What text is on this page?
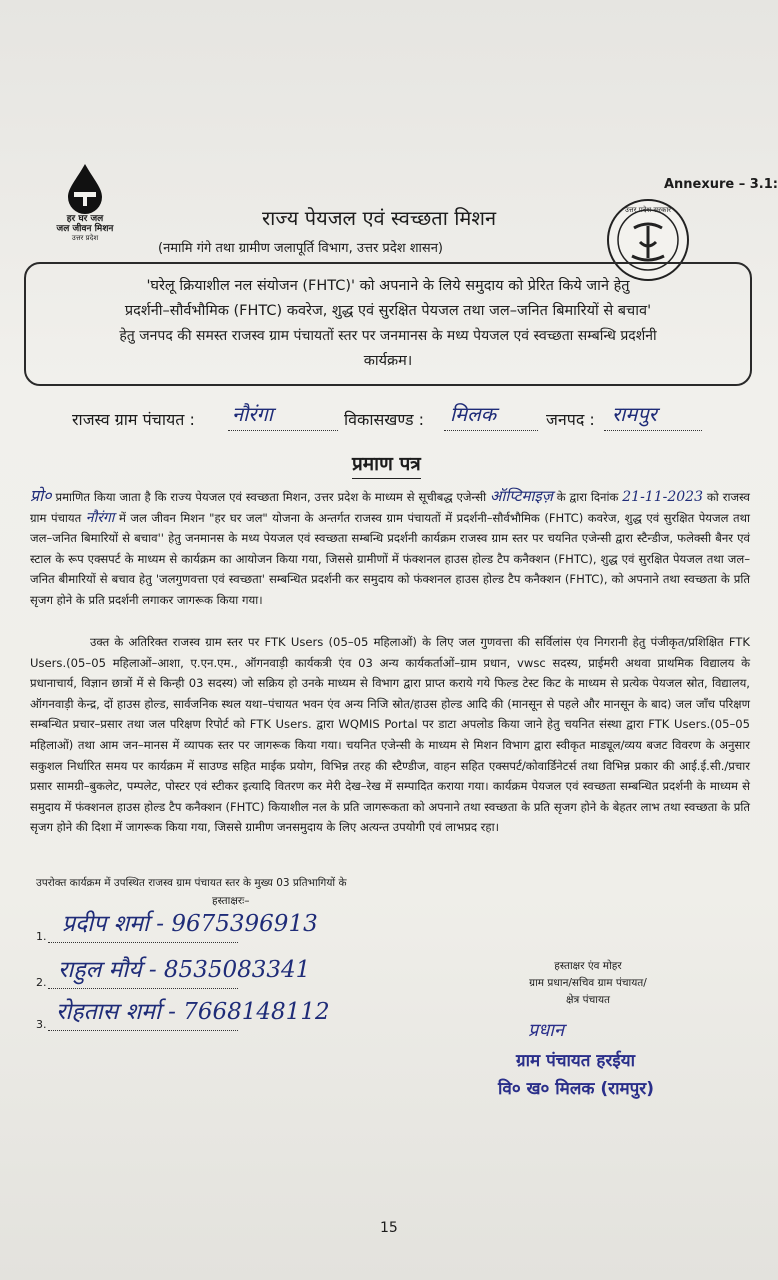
हर घर जल
जल जीवन मिशन
उत्तर प्रदेश
Annexure – 3.1:
राज्य पेयजल एवं स्वच्छता मिशन
(नमामि गंगे तथा ग्रामीण जलापूर्ति विभाग, उत्तर प्रदेश शासन)
उत्तर प्रदेश सरकार
'घरेलू क्रियाशील नल संयोजन (FHTC)' को अपनाने के लिये समुदाय को प्रेरित किये जाने हेतु
प्रदर्शनी–सौर्वभौमिक (FHTC) कवरेज, शुद्ध एवं सुरक्षित पेयजल तथा जल–जनित बिमारियों से बचाव'
हेतु जनपद की समस्त राजस्व ग्राम पंचायतों स्तर पर जनमानस के मध्य पेयजल एवं स्वच्छता सम्बन्धि प्रदर्शनी
कार्यक्रम।
राजस्व ग्राम पंचायत : नौरंगा	विकासखण्ड : मिलक	जनपद : रामपुर
प्रमाण पत्र
प्रो० प्रमाणित किया जाता है कि राज्य पेयजल एवं स्वच्छता मिशन, उत्तर प्रदेश के माध्यम से सूचीबद्ध एजेन्सी ऑप्टिमाइज़ के द्वारा दिनांक 21-11-2023 को राजस्व ग्राम पंचायत नौरंगा में जल जीवन मिशन "हर घर जल" योजना के अन्तर्गत राजस्व ग्राम पंचायतों में प्रदर्शनी–सौर्वभौमिक (FHTC) कवरेज, शुद्ध एवं सुरक्षित पेयजल तथा जल–जनित बिमारियों से बचाव'' हेतु जनमानस के मध्य पेयजल एवं स्वच्छता सम्बन्धि प्रदर्शनी कार्यक्रम राजस्व ग्राम स्तर पर चयनित एजेन्सी द्वारा स्टैन्डीज, फलेक्सी बैनर एवं स्टाल के रूप एक्सपर्ट के माध्यम से कार्यक्रम का आयोजन किया गया, जिससे ग्रामीणों में फंक्शनल हाउस होल्ड टैप कनैक्शन (FHTC), शुद्ध एवं सुरक्षित पेयजल तथा जल–जनित बीमारियों से बचाव हेतु 'जलगुणवत्ता एवं स्वच्छता' सम्बन्धित प्रदर्शनी कर समुदाय को फंक्शनल हाउस होल्ड टैप कनैक्शन (FHTC), को अपनाने तथा स्वच्छता के प्रति सृजग होने के प्रति प्रदर्शनी लगाकर जागरूक किया गया।
उक्त के अतिरिक्त राजस्व ग्राम स्तर पर FTK Users (05–05 महिलाओं) के लिए जल गुणवत्ता की सर्विलांस एंव निगरानी हेतु पंजीकृत/प्रशिक्षित FTK Users.(05–05 महिलाओं–आशा, ए.एन.एम., ऑगनवाड़ी कार्यकत्री एंव 03 अन्य कार्यकर्ताओं–ग्राम प्रधान, vwsc सदस्य, प्राईमरी अथवा प्राथमिक विद्यालय के प्रधानाचार्य, विज्ञान छात्रों में से किन्ही 03 सदस्य) जो सक्रिय हो उनके माध्यम से विभाग द्वारा प्राप्त कराये गये फिल्ड टेस्ट किट के माध्यम से प्रत्येक पेयजल स्रोत, विद्यालय, ऑगनवाड़ी केन्द्र, दों हाउस होल्ड, सार्वजनिक स्थल यथा–पंचायत भवन एंव अन्य निजि स्रोत/हाउस होल्ड आदि की (मानसून से पहले और मानसून के बाद) जल जाँच परिक्षण सम्बन्धित प्रचार–प्रसार तथा जल परिक्षण रिपोर्ट को FTK Users. द्वारा WQMIS Portal पर डाटा अपलोड किया जाने हेतु चयनित संस्था द्वारा FTK Users.(05–05 महिलाओं) तथा आम जन–मानस में व्यापक स्तर पर जागरूक किया गया। चयनित एजेन्सी के माध्यम से मिशन विभाग द्वारा स्वीकृत माड्यूल/व्यय बजट विवरण के अनुसार सकुशल निर्धारित समय पर कार्यक्रम में साउण्ड सहित माईक प्रयोग, विभिन्न तरह की स्टैण्डीज, वाहन सहित एक्सपर्ट/कोवार्डिनेटर्स तथा विभिन्न प्रकार की आई.ई.सी./प्रचार प्रसार सामग्री–बुकलेट, पम्पलेट, पोस्टर एवं स्टीकर इत्यादि वितरण कर मेरी देख–रेख में सम्पादित कराया गया। कार्यक्रम पेयजल एवं स्वच्छता सम्बन्धित प्रदर्शनी के माध्यम से समुदाय में फंक्शनल हाउस होल्ड टैप कनैक्शन (FHTC) कियाशील नल के प्रति जागरूकता को अपनाने तथा स्वच्छता के प्रति सृजग होने के बेहतर लाभ तथा स्वच्छता के प्रति सृजग होने की दिशा में जागरूक किया गया, जिससे ग्रामीण जनसमुदाय के लिए अत्यन्त उपयोगी एवं लाभप्रद रहा।
उपरोक्त कार्यक्रम में उपस्थित राजस्व ग्राम पंचायत स्तर के मुख्य 03 प्रतिभागियों के
हस्ताक्षरः–
1. प्रदीप शर्मा - 9675396913
2. राहुल मौर्य - 8535083341
3. रोहतास शर्मा - 7668148112
हस्ताक्षर एंव मोहर
ग्राम प्रधान/सचिव ग्राम पंचायत/
क्षेत्र पंचायत
प्रधान
ग्राम पंचायत हरईया
वि० ख० मिलक (रामपुर)
15
